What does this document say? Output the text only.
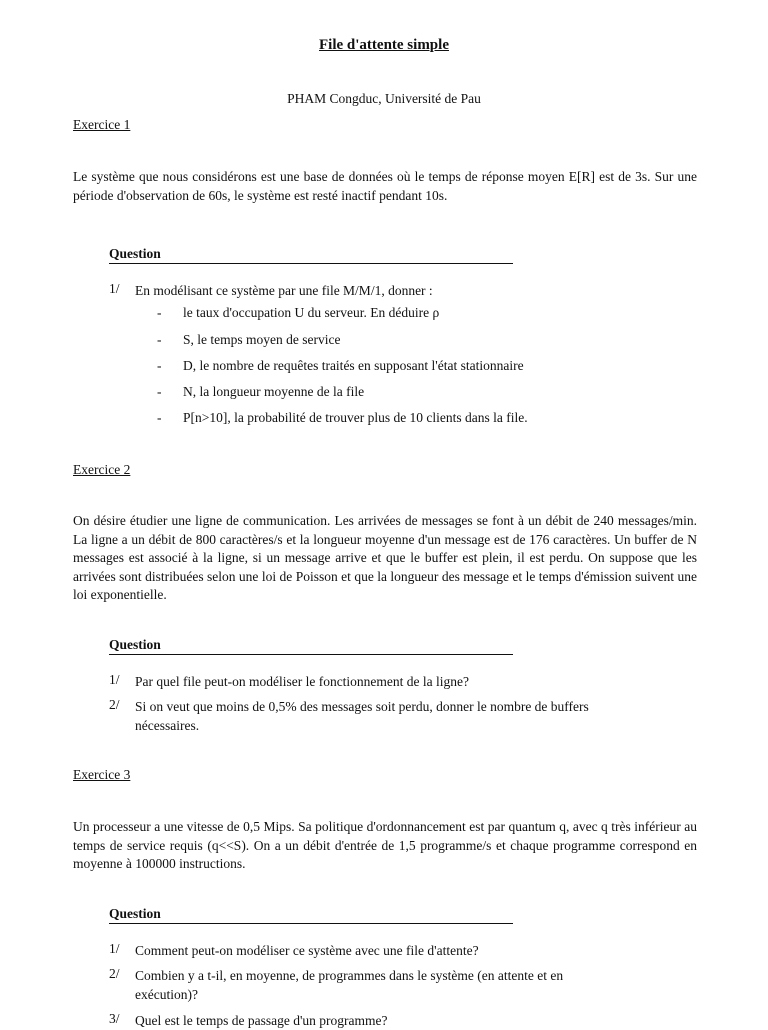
File d'attente simple
PHAM Congduc, Université de Pau
Exercice 1
Le système que nous considérons est une base de données où le temps de réponse moyen E[R] est de 3s. Sur une période d'observation de 60s, le système est resté inactif pendant 10s.
Question
1/ En modélisant ce système par une file M/M/1, donner :
- le taux d'occupation U du serveur. En déduire ρ
- S, le temps moyen de service
- D, le nombre de requêtes traités en supposant l'état stationnaire
- N, la longueur moyenne de la file
- P[n>10], la probabilité de trouver plus de 10 clients dans la file.
Exercice 2
On désire étudier une ligne de communication. Les arrivées de messages se font à un débit de 240 messages/min. La ligne a un débit de 800 caractères/s et la longueur moyenne d'un message est de 176 caractères. Un buffer de N messages est associé à la ligne, si un message arrive et que le buffer est plein, il est perdu. On suppose que les arrivées sont distribuées selon une loi de Poisson et que la longueur des message et le temps d'émission suivent une loi exponentielle.
Question
1/ Par quel file peut-on modéliser le fonctionnement de la ligne?
2/ Si on veut que moins de 0,5% des messages soit perdu, donner le nombre de buffers nécessaires.
Exercice 3
Un processeur a une vitesse de 0,5 Mips. Sa politique d'ordonnancement est par quantum q, avec q très inférieur au temps de service requis (q<<S). On a un débit d'entrée de 1,5 programme/s et chaque programme correspond en moyenne à 100000 instructions.
Question
1/ Comment peut-on modéliser ce système avec une file d'attente?
2/ Combien y a t-il, en moyenne, de programmes dans le système (en attente et en exécution)?
3/ Quel est le temps de passage d'un programme?
